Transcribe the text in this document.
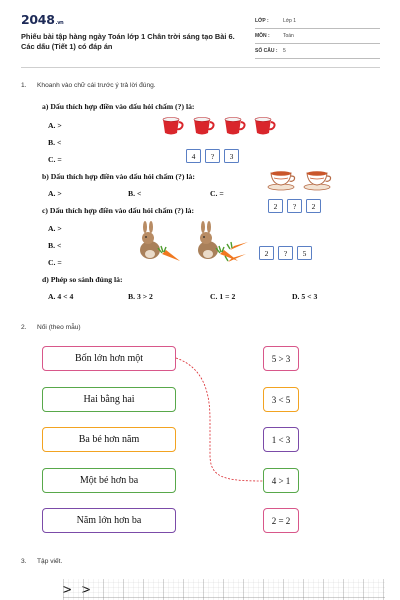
2048.vn
Phiếu bài tập hàng ngày Toán lớp 1 Chân trời sáng tạo Bài 6. Các dấu (Tiết 1) có đáp án
LỚP :	Lớp 1
MÔN :	Toán
SỐ CÂU : 5
1. Khoanh vào chữ cái trước ý trả lời đúng.
a) Dấu thích hợp điền vào dấu hỏi chấm (?) là:
A. >
B. <
C. =	4	?	3
b) Dấu thích hợp điền vào dấu hỏi chấm (?) là:
A. >	B. <	C. =
2	?	2
c) Dấu thích hợp điền vào dấu hỏi chấm (?) là:
A. >
B. <
C. =
2	?	5
d) Phép so sánh đúng là:
A. 4 < 4	B. 3 > 2	C. 1 = 2	D. 5 < 3
2. Nối (theo mẫu)
Bốn lớn hơn một
Hai bằng hai
Ba bé hơn năm
Một bé hơn ba
Năm lớn hơn ba
5 > 3
3 < 5
1 < 3
4 > 1
2 = 2
3. Tập viết.
